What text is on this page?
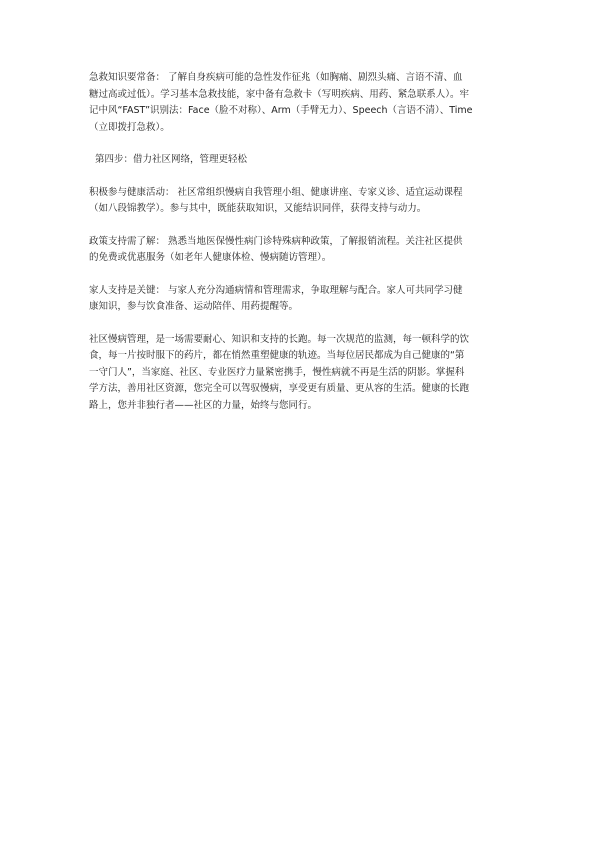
急救知识要常备： 了解自身疾病可能的急性发作征兆（如胸痛、剧烈头痛、言语不清、血
糖过高或过低）。学习基本急救技能，家中备有急救卡（写明疾病、用药、紧急联系人）。牢
记中风“FAST”识别法：Face（脸不对称）、Arm（手臂无力）、Speech（言语不清）、Time
（立即拨打急救）。

第四步：借力社区网络，管理更轻松

积极参与健康活动： 社区常组织慢病自我管理小组、健康讲座、专家义诊、适宜运动课程
（如八段锦教学）。参与其中，既能获取知识，又能结识同伴，获得支持与动力。

政策支持需了解： 熟悉当地医保慢性病门诊特殊病种政策，了解报销流程。关注社区提供
的免费或优惠服务（如老年人健康体检、慢病随访管理）。

家人支持是关键： 与家人充分沟通病情和管理需求，争取理解与配合。家人可共同学习健
康知识，参与饮食准备、运动陪伴、用药提醒等。

社区慢病管理，是一场需要耐心、知识和支持的长跑。每一次规范的监测，每一顿科学的饮
食，每一片按时服下的药片，都在悄然重塑健康的轨迹。当每位居民都成为自己健康的“第
一守门人”，当家庭、社区、专业医疗力量紧密携手，慢性病就不再是生活的阴影。掌握科
学方法，善用社区资源，您完全可以驾驭慢病，享受更有质量、更从容的生活。健康的长跑
路上，您并非独行者——社区的力量，始终与您同行。
